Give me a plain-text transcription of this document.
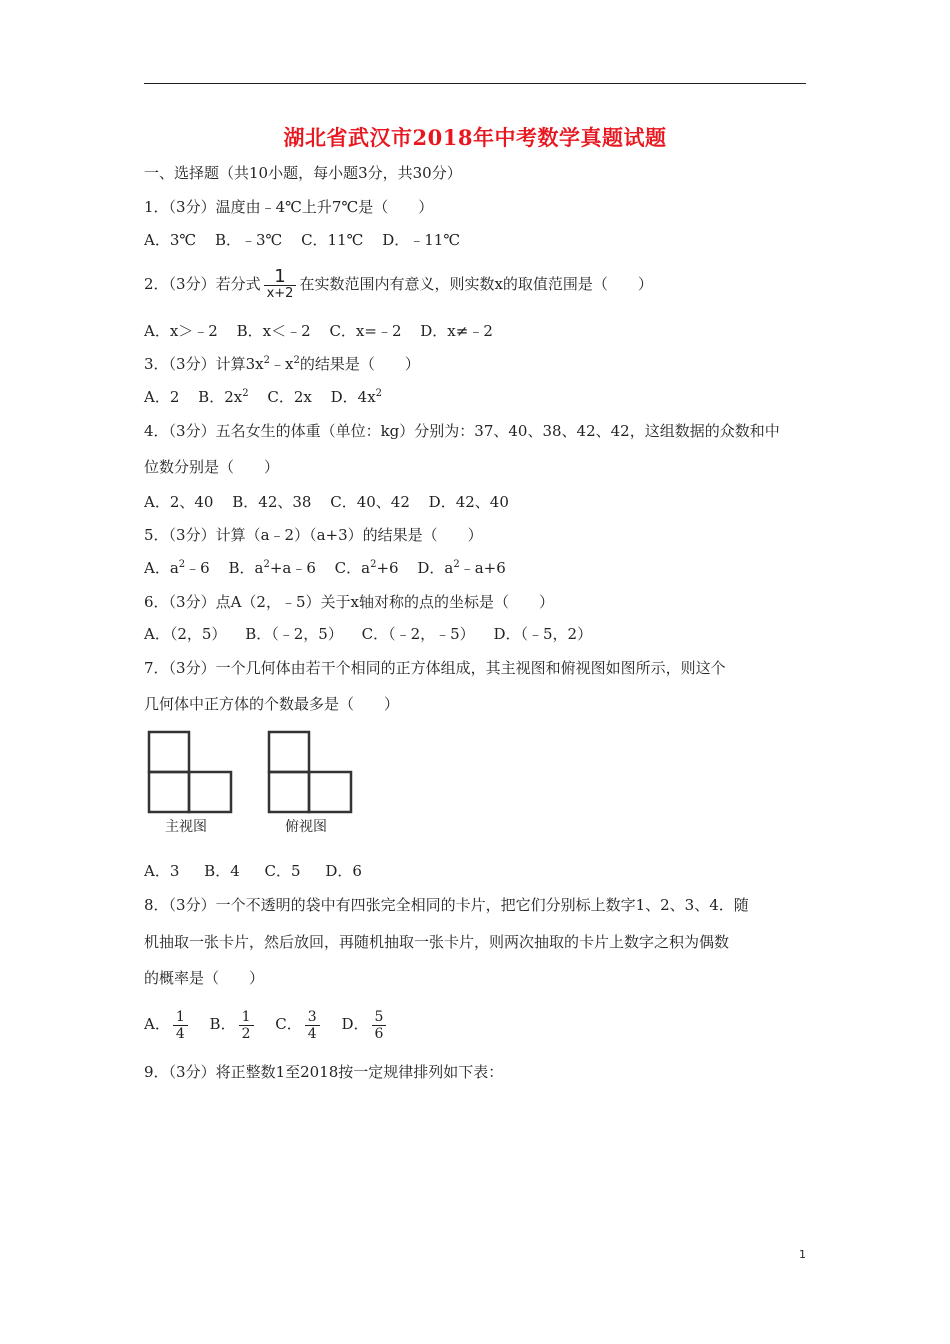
湖北省武汉市2018年中考数学真题试题
一、选择题（共10小题，每小题3分，共30分）
1．（3分）温度由﹣4℃上升7℃是（　　）
A．3℃ B．﹣3℃ C．11℃ D．﹣11℃
2．（3分）若分式 $\frac{1}{x+2}$ 在实数范围内有意义，则实数x的取值范围是（　　）
A．x＞﹣2 B．x＜﹣2 C．x=﹣2 D．x≠﹣2
3．（3分）计算$3x^2﹣x^2$的结果是（　　）
A．2 B．$2x^2$ C．2x D．$4x^2$
4．（3分）五名女生的体重（单位：kg）分别为：37、40、38、42、42，这组数据的众数和中
位数分别是（　　）
A．2、40 B．42、38 C．40、42 D．42、40
5．（3分）计算（a﹣2）（a+3）的结果是（　　）
A．$a^2﹣6$ B．$a^2+a﹣6$ C．$a^2+6$ D．$a^2﹣a+6$
6．（3分）点A（2，﹣5）关于x轴对称的点的坐标是（　　）
A．（2，5） B．（﹣2，5） C．（﹣2，﹣5） D．（﹣5，2）
7．（3分）一个几何体由若干个相同的正方体组成，其主视图和俯视图如图所示，则这个
几何体中正方体的个数最多是（　　）
主视图	俯视图
A．3 B．4 C．5 D．6
8．（3分）一个不透明的袋中有四张完全相同的卡片，把它们分别标上数字1、2、3、4．随
机抽取一张卡片，然后放回，再随机抽取一张卡片，则两次抽取的卡片上数字之积为偶数
的概率是（　　）
A． $\frac{1}{4}$ B． $\frac{1}{2}$ C． $\frac{3}{4}$ D． $\frac{5}{6}$
9．（3分）将正整数1至2018按一定规律排列如下表：
1
